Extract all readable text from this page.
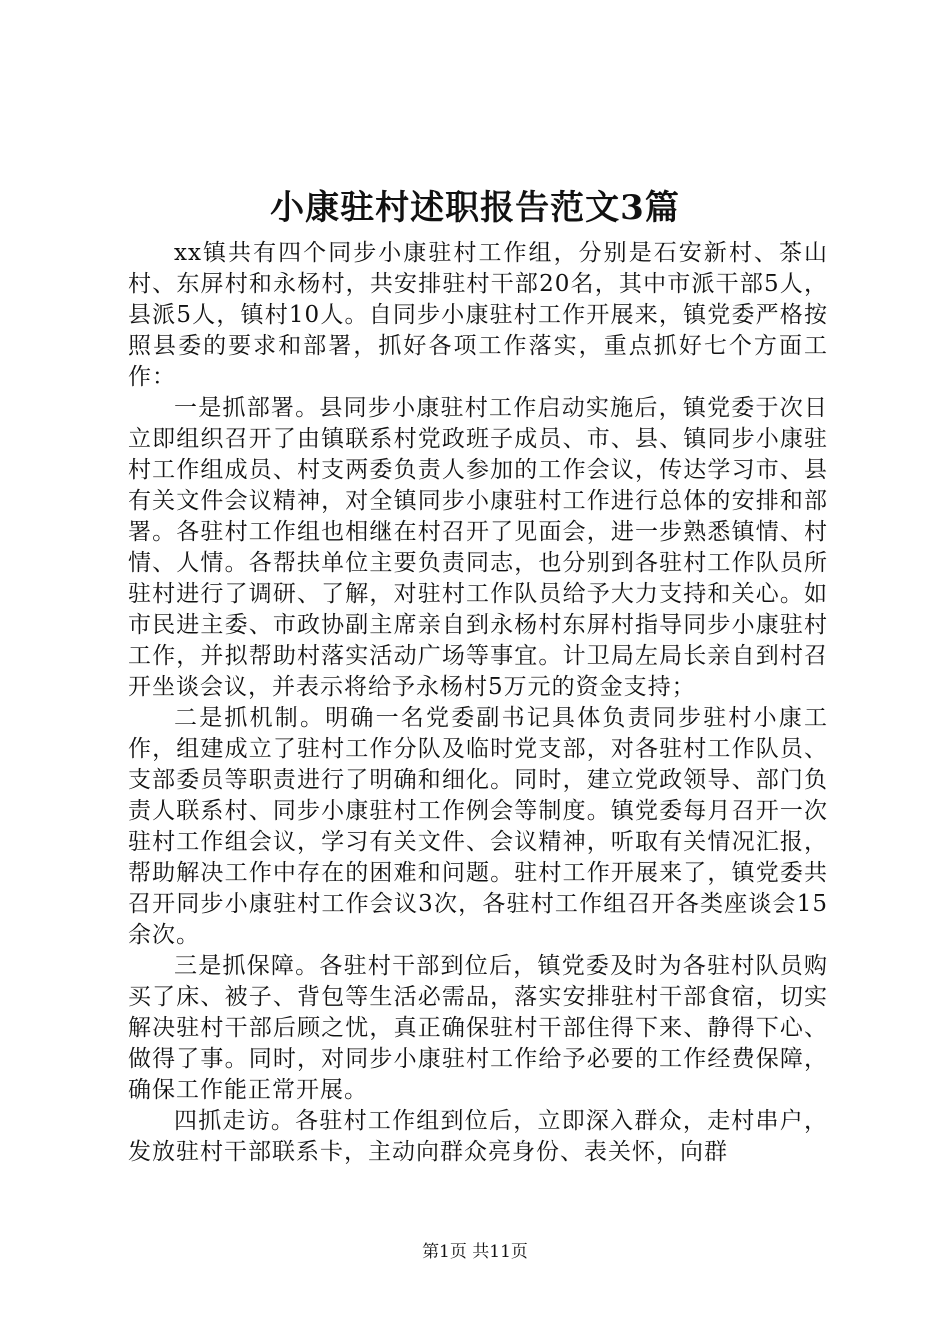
小康驻村述职报告范文3篇

xx镇共有四个同步小康驻村工作组，分别是石安新村、茶山村、东屏村和永杨村，共安排驻村干部20名，其中市派干部5人，县派5人，镇村10人。自同步小康驻村工作开展来，镇党委严格按照县委的要求和部署，抓好各项工作落实，重点抓好七个方面工作：

一是抓部署。县同步小康驻村工作启动实施后，镇党委于次日立即组织召开了由镇联系村党政班子成员、市、县、镇同步小康驻村工作组成员、村支两委负责人参加的工作会议，传达学习市、县有关文件会议精神，对全镇同步小康驻村工作进行总体的安排和部署。各驻村工作组也相继在村召开了见面会，进一步熟悉镇情、村情、人情。各帮扶单位主要负责同志，也分别到各驻村工作队员所驻村进行了调研、了解，对驻村工作队员给予大力支持和关心。如市民进主委、市政协副主席亲自到永杨村东屏村指导同步小康驻村工作，并拟帮助村落实活动广场等事宜。计卫局左局长亲自到村召开坐谈会议，并表示将给予永杨村5万元的资金支持；

二是抓机制。明确一名党委副书记具体负责同步驻村小康工作，组建成立了驻村工作分队及临时党支部，对各驻村工作队员、支部委员等职责进行了明确和细化。同时，建立党政领导、部门负责人联系村、同步小康驻村工作例会等制度。镇党委每月召开一次驻村工作组会议，学习有关文件、会议精神，听取有关情况汇报，帮助解决工作中存在的困难和问题。驻村工作开展来了，镇党委共召开同步小康驻村工作会议3次，各驻村工作组召开各类座谈会15余次。

三是抓保障。各驻村干部到位后，镇党委及时为各驻村队员购买了床、被子、背包等生活必需品，落实安排驻村干部食宿，切实解决驻村干部后顾之忧，真正确保驻村干部住得下来、静得下心、做得了事。同时，对同步小康驻村工作给予必要的工作经费保障，确保工作能正常开展。

四抓走访。各驻村工作组到位后，立即深入群众，走村串户，发放驻村干部联系卡，主动向群众亮身份、表关怀，向群

第1页 共11页
